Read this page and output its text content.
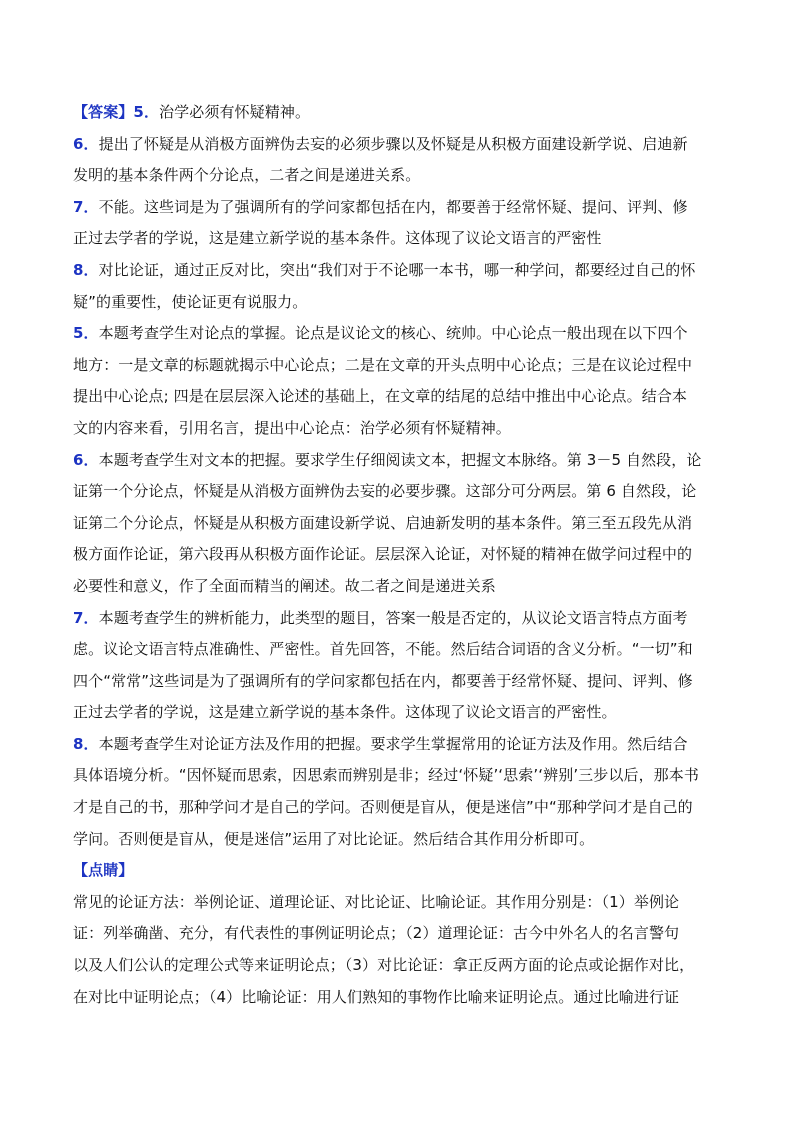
【答案】5．治学必须有怀疑精神。
6．提出了怀疑是从消极方面辨伪去妄的必须步骤以及怀疑是从积极方面建设新学说、启迪新
发明的基本条件两个分论点，二者之间是递进关系。
7．不能。这些词是为了强调所有的学问家都包括在内，都要善于经常怀疑、提问、评判、修
正过去学者的学说，这是建立新学说的基本条件。这体现了议论文语言的严密性
8．对比论证，通过正反对比，突出“我们对于不论哪一本书，哪一种学问，都要经过自己的怀
疑”的重要性，使论证更有说服力。
5．本题考查学生对论点的掌握。论点是议论文的核心、统帅。中心论点一般出现在以下四个
地方：一是文章的标题就揭示中心论点；二是在文章的开头点明中心论点；三是在议论过程中
提出中心论点; 四是在层层深入论述的基础上，在文章的结尾的总结中推出中心论点。结合本
文的内容来看，引用名言，提出中心论点：治学必须有怀疑精神。
6．本题考查学生对文本的把握。要求学生仔细阅读文本，把握文本脉络。第 3－5 自然段，论
证第一个分论点，怀疑是从消极方面辨伪去妄的必要步骤。这部分可分两层。第 6 自然段，论
证第二个分论点，怀疑是从积极方面建设新学说、启迪新发明的基本条件。第三至五段先从消
极方面作论证，第六段再从积极方面作论证。层层深入论证，对怀疑的精神在做学问过程中的
必要性和意义，作了全面而精当的阐述。故二者之间是递进关系
7．本题考查学生的辨析能力，此类型的题目，答案一般是否定的，从议论文语言特点方面考
虑。议论文语言特点准确性、严密性。首先回答，不能。然后结合词语的含义分析。“一切”和
四个“常常”这些词是为了强调所有的学问家都包括在内，都要善于经常怀疑、提问、评判、修
正过去学者的学说，这是建立新学说的基本条件。这体现了议论文语言的严密性。
8．本题考查学生对论证方法及作用的把握。要求学生掌握常用的论证方法及作用。然后结合
具体语境分析。“因怀疑而思索，因思索而辨别是非；经过‘怀疑’‘思索’‘辨别’三步以后，那本书
才是自己的书，那种学问才是自己的学问。否则便是盲从，便是迷信”中“那种学问才是自己的
学问。否则便是盲从，便是迷信”运用了对比论证。然后结合其作用分析即可。
【点睛】
常见的论证方法：举例论证、道理论证、对比论证、比喻论证。其作用分别是：（1）举例论
证：列举确凿、充分，有代表性的事例证明论点；（2）道理论证：古今中外名人的名言警句
以及人们公认的定理公式等来证明论点；（3）对比论证：拿正反两方面的论点或论据作对比，
在对比中证明论点；（4）比喻论证：用人们熟知的事物作比喻来证明论点。通过比喻进行证
